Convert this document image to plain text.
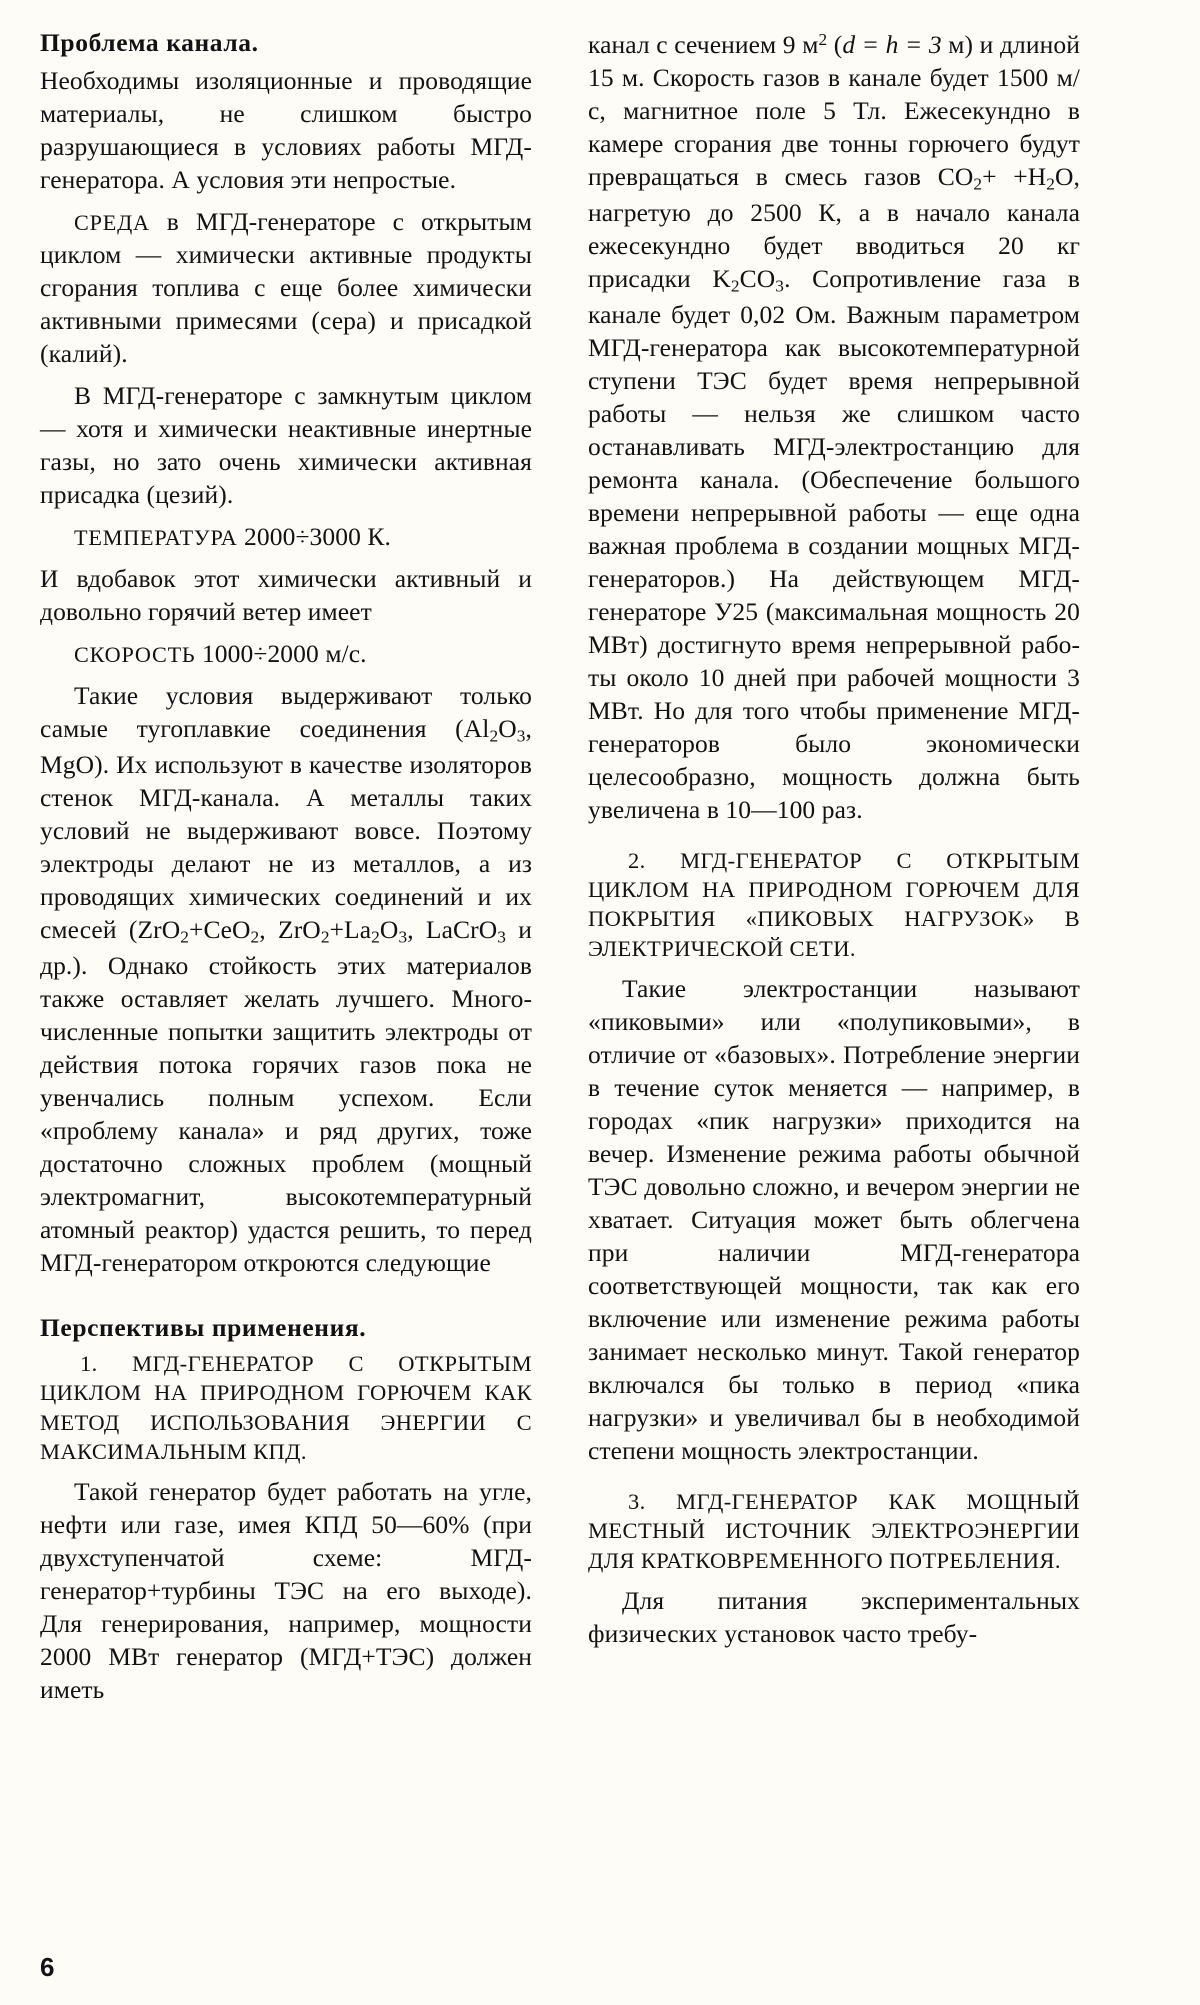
Проблема канала.

Необходимы изоляционные и проводящие материалы, не слишком быстро разрушающиеся в условиях работы МГД-генератора. А условия эти непростые.

СРЕДА в МГД-генераторе с открытым циклом — химически активные продукты сгорания топлива с еще более химически активными примесями (сера) и присадкой (калий).

В МГД-генераторе с замкнутым циклом — хотя и химически неактивные инертные газы, но зато очень химически активная присадка (цезий).

ТЕМПЕРАТУРА 2000÷3000 К.

И вдобавок этот химически активный и довольно горячий ветер имеет

СКОРОСТЬ 1000÷2000 м/с.

Такие условия выдерживают только самые тугоплавкие соединения ($Al_2O_3$, MgO). Их используют в качестве изоляторов стенок МГД-канала. А металлы таких условий не выдерживают вовсе. Поэтому электроды делают не из металлов, а из проводящих химических соединений и их смесей (ZrO$_2$+CeO$_2$, $ZrO_2+La_2O_3$, LaCrO$_3$ и др.). Однако стойкость этих материалов также оставляет желать лучшего. Многочисленные попытки защитить электроды от действия потока горячих газов пока не увенчались полным успехом. Если «проблему канала» и ряд других, тоже достаточно сложных проблем (мощный электромагнит, высокотемпературный атомный реактор) удастся решить, то перед МГД-генератором откроются следующие

Перспективы применения.

1. МГД-ГЕНЕРАТОР С ОТКРЫТЫМ ЦИКЛОМ НА ПРИРОДНОМ ГОРЮЧЕМ КАК МЕТОД ИСПОЛЬЗОВАНИЯ ЭНЕРГИИ С МАКСИМАЛЬНЫМ КПД.

Такой генератор будет работать на угле, нефти или газе, имея КПД 50—60% (при двухступенчатой схеме: МГД-генератор+турбины ТЭС на его выходе). Для генерирования, например, мощности 2000 МВт генератор (МГД+ТЭС) должен иметь

канал с сечением 9 $м^2$ (d = h = 3 м) и длиной 15 м. Скорость газов в канале будет 1500 м/с, магнитное поле 5 Тл. Ежесекундно в камере сгорания две тонны горючего будут превращаться в смесь газов $CO_2+ +H_2O$, нагретую до 2500 К, а в начало канала ежесекундно будет вводиться 20 кг присадки $K_2CO_3$. Сопротивление газа в канале будет 0,02 Ом. Важным параметром МГД-генератора как высокотемпературной ступени ТЭС будет время непрерывной работы — нельзя же слишком часто останавливать МГД-электростанцию для ремонта канала. (Обеспечение большого времени непрерывной работы — еще одна важная проблема в создании мощных МГД-генераторов.) На действующем МГД-генераторе У25 (максимальная мощность 20 МВт) достигнуто время непрерывной работы около 10 дней при рабочей мощности 3 МВт. Но для того чтобы применение МГД-генераторов было экономически целесообразно, мощность должна быть увеличена в 10—100 раз.

2. МГД-ГЕНЕРАТОР С ОТКРЫТЫМ ЦИКЛОМ НА ПРИРОДНОМ ГОРЮЧЕМ ДЛЯ ПОКРЫТИЯ «ПИКОВЫХ НАГРУЗОК» В ЭЛЕКТРИЧЕСКОЙ СЕТИ.

Такие электростанции называют «пиковыми» или «полупиковыми», в отличие от «базовых». Потребление энергии в течение суток меняется — например, в городах «пик нагрузки» приходится на вечер. Изменение режима работы обычной ТЭС довольно сложно, и вечером энергии не хватает. Ситуация может быть облегчена при наличии МГД-генератора соответствующей мощности, так как его включение или изменение режима работы занимает несколько минут. Такой генератор включался бы только в период «пика нагрузки» и увеличивал бы в необходимой степени мощность электростанции.

3. МГД-ГЕНЕРАТОР КАК МОЩНЫЙ МЕСТНЫЙ ИСТОЧНИК ЭЛЕКТРОЭНЕРГИИ ДЛЯ КРАТКОВРЕМЕННОГО ПОТРЕБЛЕНИЯ.

Для питания экспериментальных физических установок часто требу-

6
